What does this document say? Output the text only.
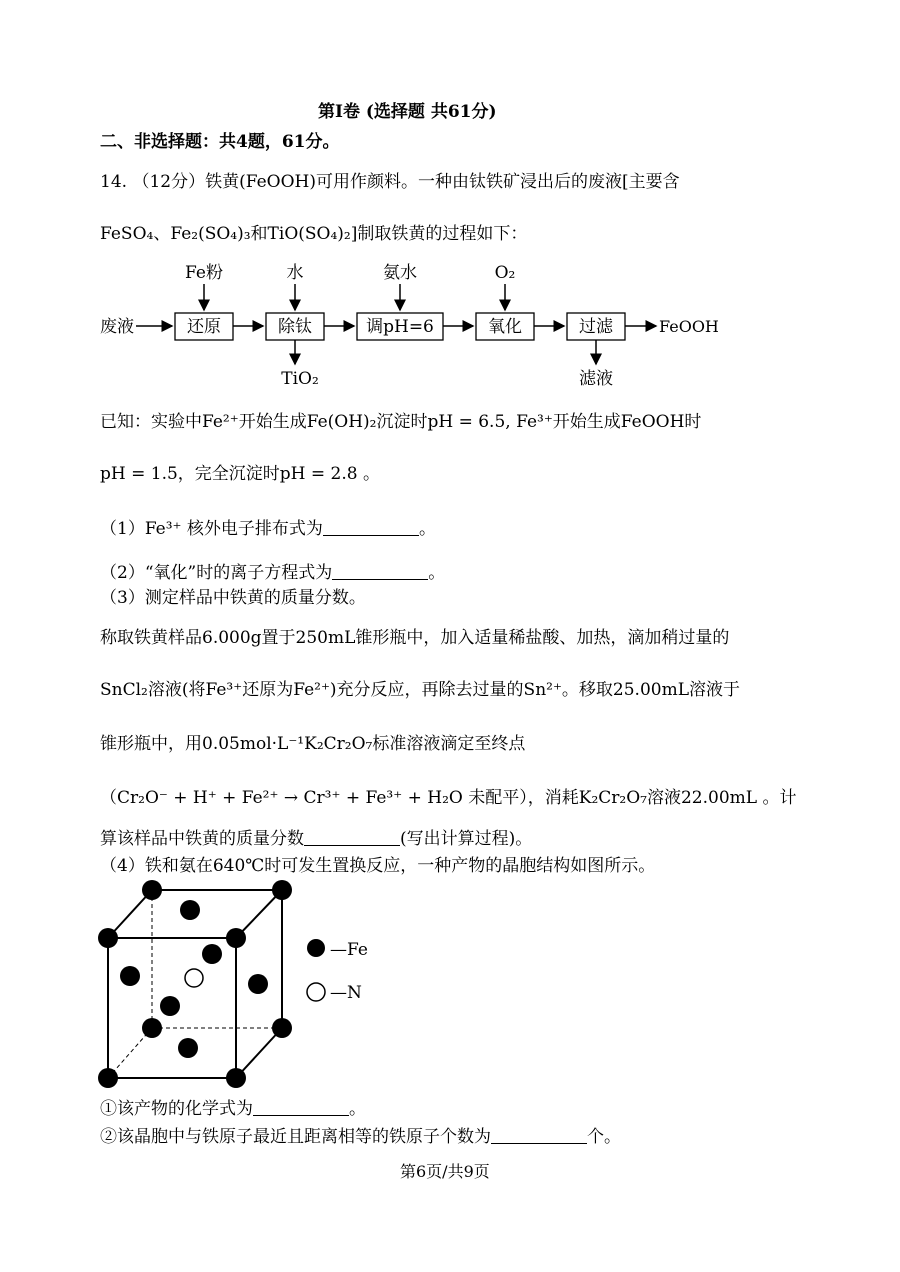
第Ⅰ卷 (选择题 共61分)
二、非选择题：共4题，61分。
14. （12分）铁黄(FeOOH)可用作颜料。一种由钛铁矿浸出后的废液[主要含
FeSO₄、Fe₂(SO₄)₃和TiO(SO₄)₂]制取铁黄的过程如下：
废液	还原	除钛	调pH=6	氧化	过滤	FeOOH
Fe粉	水	氨水	O₂
TiO₂	滤液
已知：实验中Fe²⁺开始生成Fe(OH)₂沉淀时pH = 6.5, Fe³⁺开始生成FeOOH时
pH = 1.5，完全沉淀时pH = 2.8 。
（1）Fe³⁺ 核外电子排布式为	。
（2）“氧化”时的离子方程式为	。
（3）测定样品中铁黄的质量分数。
称取铁黄样品6.000g置于250mL锥形瓶中，加入适量稀盐酸、加热，滴加稍过量的
SnCl₂溶液(将Fe³⁺还原为Fe²⁺)充分反应，再除去过量的Sn²⁺。移取25.00mL溶液于
锥形瓶中，用0.05mol·L⁻¹K₂Cr₂O₇标准溶液滴定至终点
（Cr₂O⁻ + H⁺ + Fe²⁺ → Cr³⁺ + Fe³⁺ + H₂O 未配平），消耗K₂Cr₂O₇溶液22.00mL 。计
算该样品中铁黄的质量分数	(写出计算过程)。
（4）铁和氨在640℃时可发生置换反应，一种产物的晶胞结构如图所示。
—Fe
—N
①该产物的化学式为	。
②该晶胞中与铁原子最近且距离相等的铁原子个数为	个。
第6页/共9页
